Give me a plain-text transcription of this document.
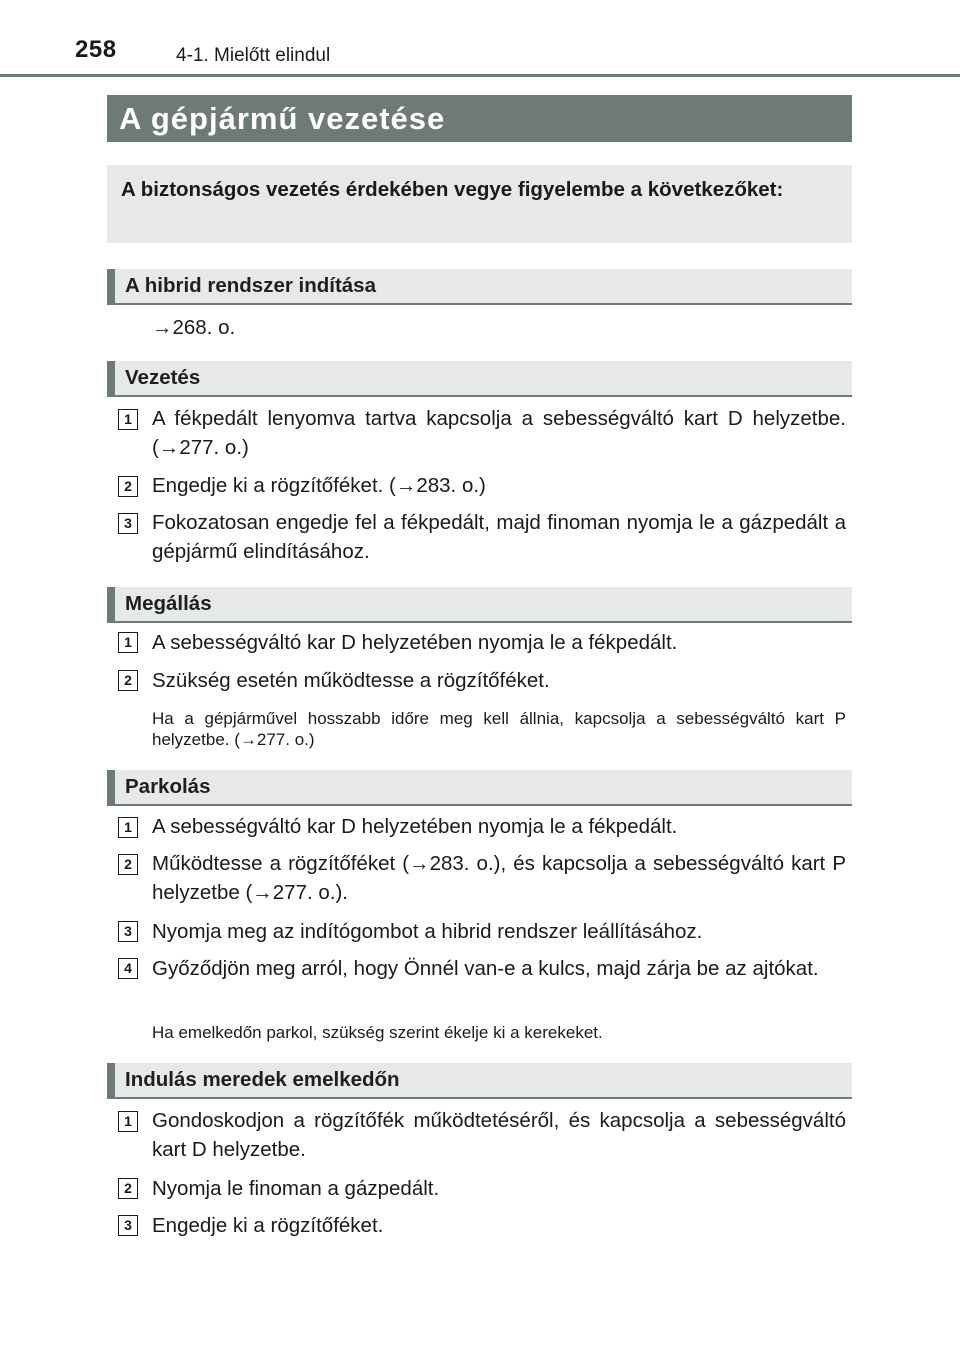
258	4-1. Mielőtt elindul
A gépjármű vezetése

A biztonságos vezetés érdekében vegye figyelembe a következőket:

A hibrid rendszer indítása

→268. o.

Vezetés
1 A fékpedált lenyomva tartva kapcsolja a sebességváltó kart D helyzetbe. (→277. o.)

2 Engedje ki a rögzítőféket. (→283. o.)

3 Fokozatosan engedje fel a fékpedált, majd finoman nyomja le a gázpedált a gépjármű elindításához.

Megállás
1 A sebességváltó kar D helyzetében nyomja le a fékpedált.

2 Szükség esetén működtesse a rögzítőféket.

Ha a gépjárművel hosszabb időre meg kell állnia, kapcsolja a sebességváltó kart P helyzetbe. (→277. o.)

Parkolás
1 A sebességváltó kar D helyzetében nyomja le a fékpedált.

2 Működtesse a rögzítőféket (→283. o.), és kapcsolja a sebességváltó kart P helyzetbe (→277. o.).

3 Nyomja meg az indítógombot a hibrid rendszer leállításához.

4 Győződjön meg arról, hogy Önnél van-e a kulcs, majd zárja be az ajtókat.

Ha emelkedőn parkol, szükség szerint ékelje ki a kerekeket.

Indulás meredek emelkedőn
1 Gondoskodjon a rögzítőfék működtetéséről, és kapcsolja a sebességváltó kart D helyzetbe.

2 Nyomja le finoman a gázpedált.

3 Engedje ki a rögzítőféket.
